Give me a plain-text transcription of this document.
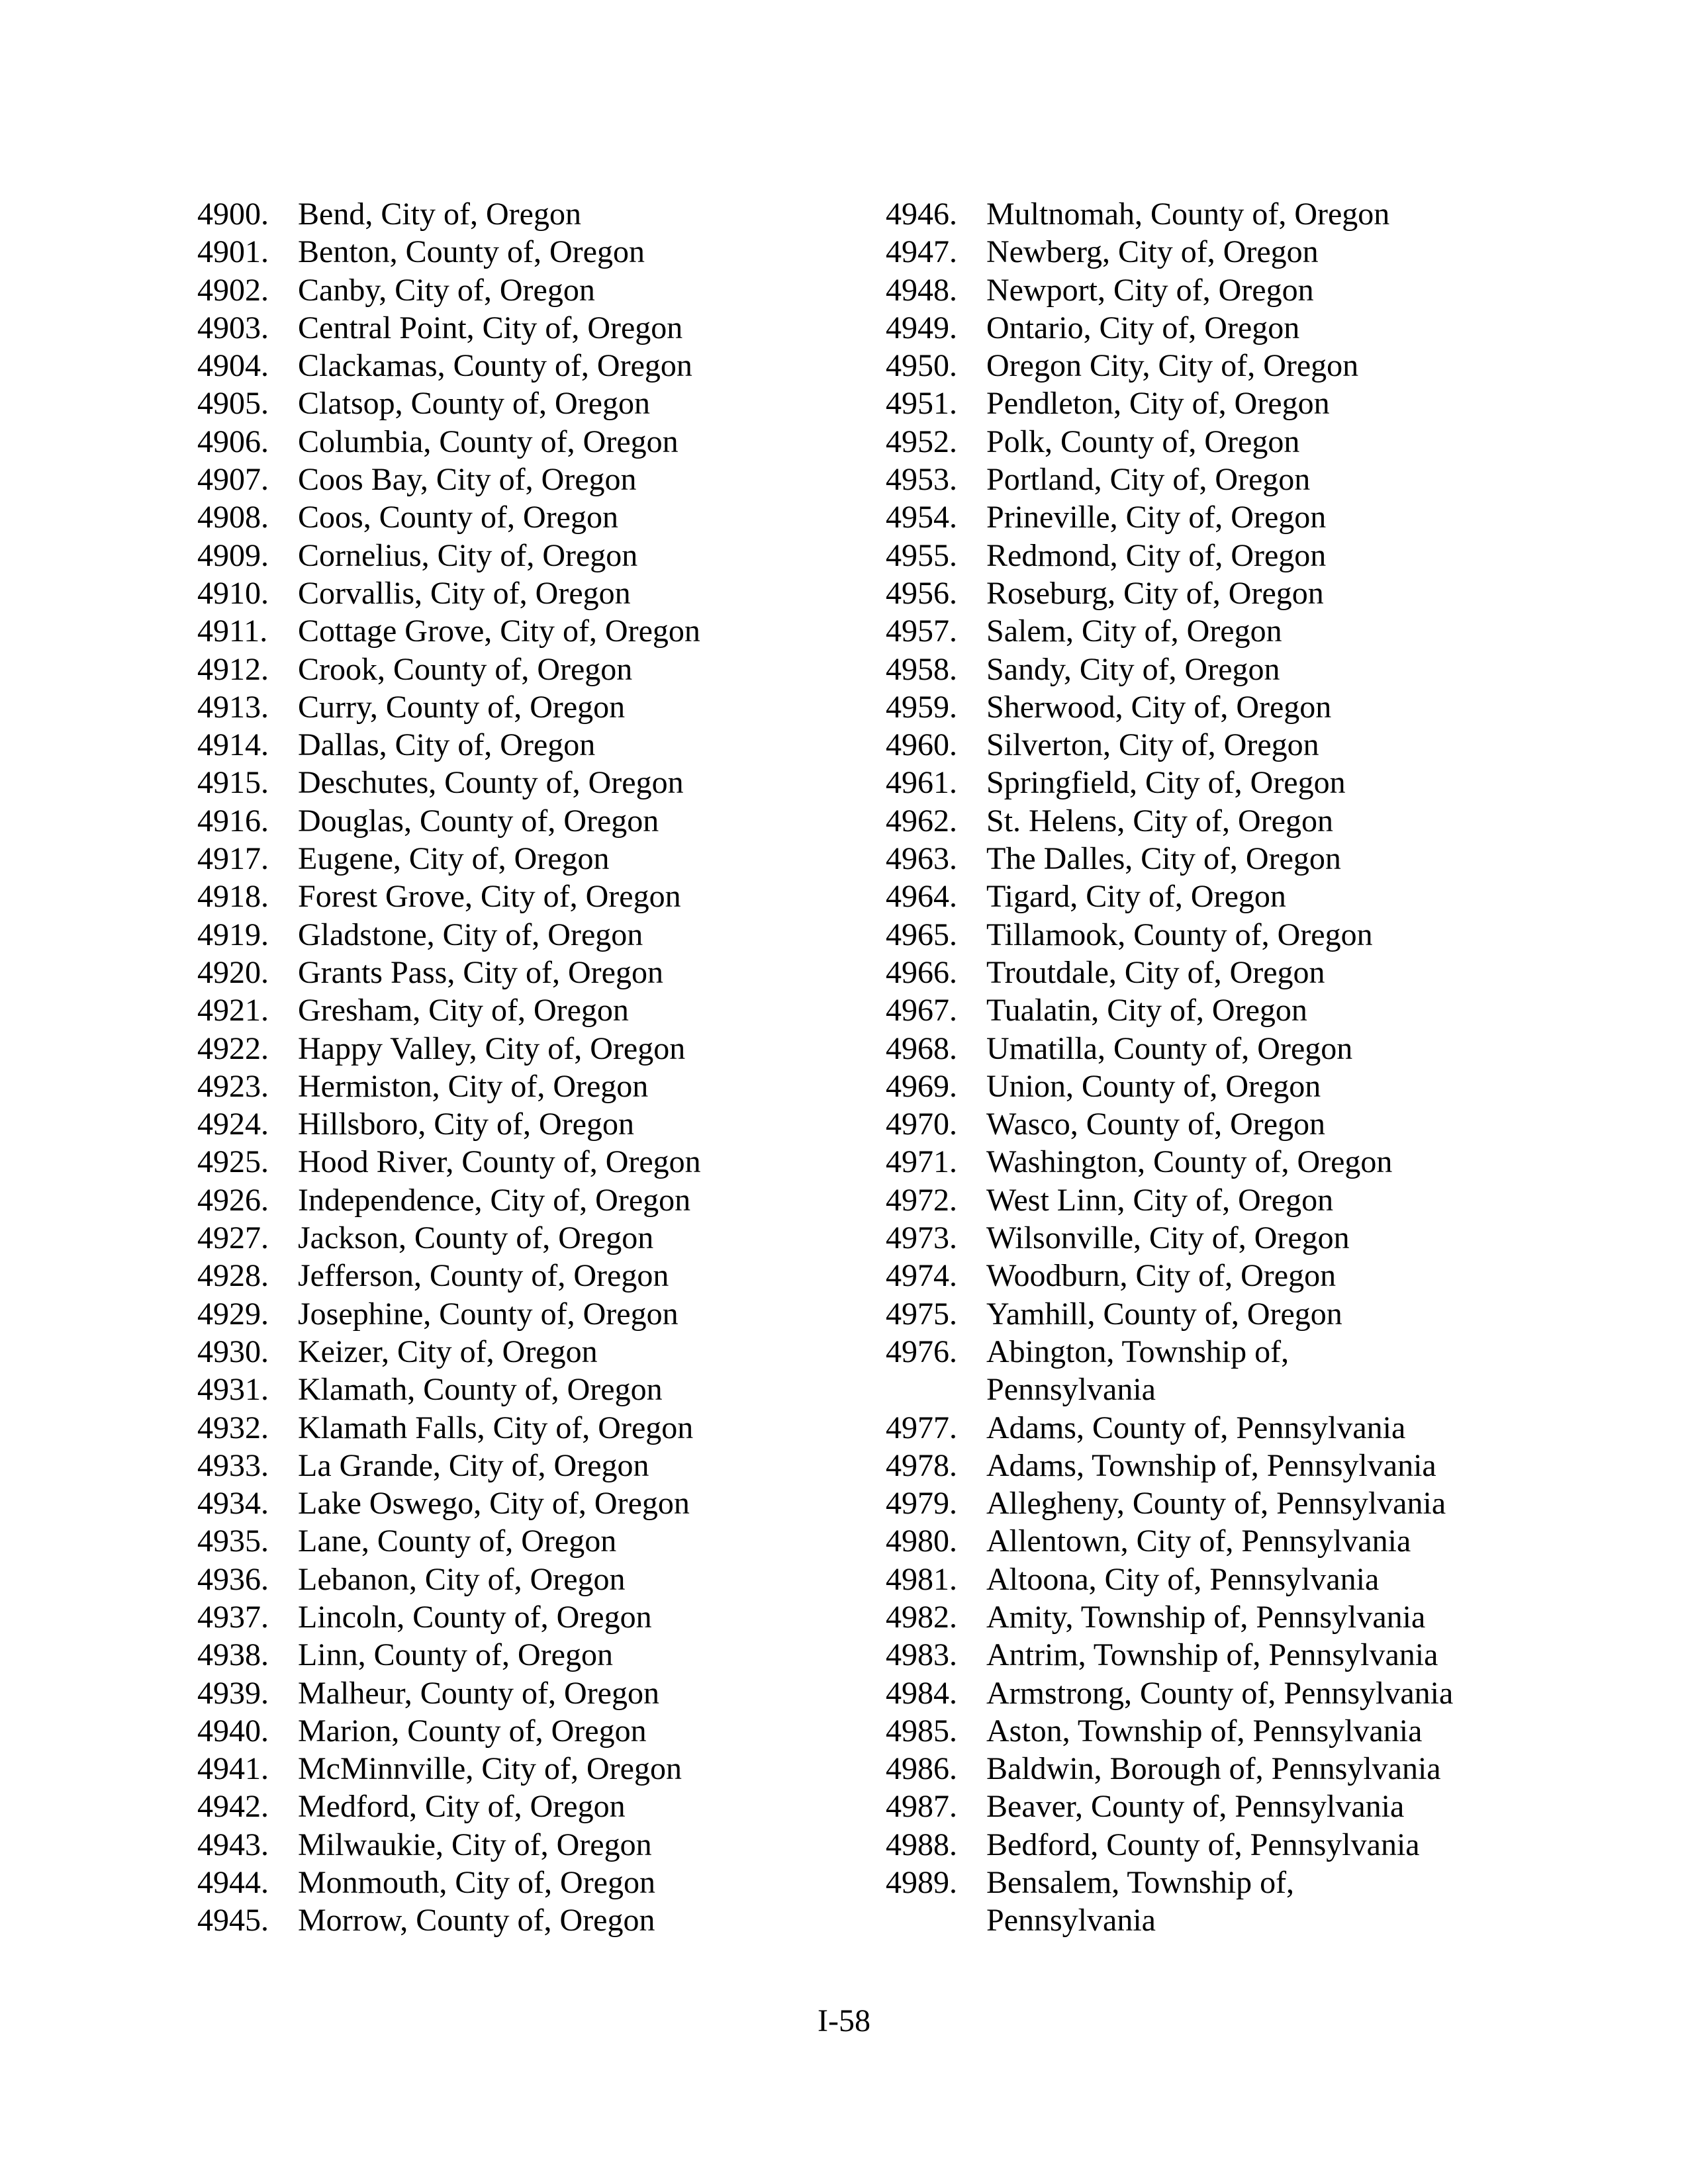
4900. Bend, City of, Oregon
4901. Benton, County of, Oregon
4902. Canby, City of, Oregon
4903. Central Point, City of, Oregon
4904. Clackamas, County of, Oregon
4905. Clatsop, County of, Oregon
4906. Columbia, County of, Oregon
4907. Coos Bay, City of, Oregon
4908. Coos, County of, Oregon
4909. Cornelius, City of, Oregon
4910. Corvallis, City of, Oregon
4911. Cottage Grove, City of, Oregon
4912. Crook, County of, Oregon
4913. Curry, County of, Oregon
4914. Dallas, City of, Oregon
4915. Deschutes, County of, Oregon
4916. Douglas, County of, Oregon
4917. Eugene, City of, Oregon
4918. Forest Grove, City of, Oregon
4919. Gladstone, City of, Oregon
4920. Grants Pass, City of, Oregon
4921. Gresham, City of, Oregon
4922. Happy Valley, City of, Oregon
4923. Hermiston, City of, Oregon
4924. Hillsboro, City of, Oregon
4925. Hood River, County of, Oregon
4926. Independence, City of, Oregon
4927. Jackson, County of, Oregon
4928. Jefferson, County of, Oregon
4929. Josephine, County of, Oregon
4930. Keizer, City of, Oregon
4931. Klamath, County of, Oregon
4932. Klamath Falls, City of, Oregon
4933. La Grande, City of, Oregon
4934. Lake Oswego, City of, Oregon
4935. Lane, County of, Oregon
4936. Lebanon, City of, Oregon
4937. Lincoln, County of, Oregon
4938. Linn, County of, Oregon
4939. Malheur, County of, Oregon
4940. Marion, County of, Oregon
4941. McMinnville, City of, Oregon
4942. Medford, City of, Oregon
4943. Milwaukie, City of, Oregon
4944. Monmouth, City of, Oregon
4945. Morrow, County of, Oregon
4946. Multnomah, County of, Oregon
4947. Newberg, City of, Oregon
4948. Newport, City of, Oregon
4949. Ontario, City of, Oregon
4950. Oregon City, City of, Oregon
4951. Pendleton, City of, Oregon
4952. Polk, County of, Oregon
4953. Portland, City of, Oregon
4954. Prineville, City of, Oregon
4955. Redmond, City of, Oregon
4956. Roseburg, City of, Oregon
4957. Salem, City of, Oregon
4958. Sandy, City of, Oregon
4959. Sherwood, City of, Oregon
4960. Silverton, City of, Oregon
4961. Springfield, City of, Oregon
4962. St. Helens, City of, Oregon
4963. The Dalles, City of, Oregon
4964. Tigard, City of, Oregon
4965. Tillamook, County of, Oregon
4966. Troutdale, City of, Oregon
4967. Tualatin, City of, Oregon
4968. Umatilla, County of, Oregon
4969. Union, County of, Oregon
4970. Wasco, County of, Oregon
4971. Washington, County of, Oregon
4972. West Linn, City of, Oregon
4973. Wilsonville, City of, Oregon
4974. Woodburn, City of, Oregon
4975. Yamhill, County of, Oregon
4976. Abington, Township of,
Pennsylvania
4977. Adams, County of, Pennsylvania
4978. Adams, Township of, Pennsylvania
4979. Allegheny, County of, Pennsylvania
4980. Allentown, City of, Pennsylvania
4981. Altoona, City of, Pennsylvania
4982. Amity, Township of, Pennsylvania
4983. Antrim, Township of, Pennsylvania
4984. Armstrong, County of, Pennsylvania
4985. Aston, Township of, Pennsylvania
4986. Baldwin, Borough of, Pennsylvania
4987. Beaver, County of, Pennsylvania
4988. Bedford, County of, Pennsylvania
4989. Bensalem, Township of,
Pennsylvania
I-58
